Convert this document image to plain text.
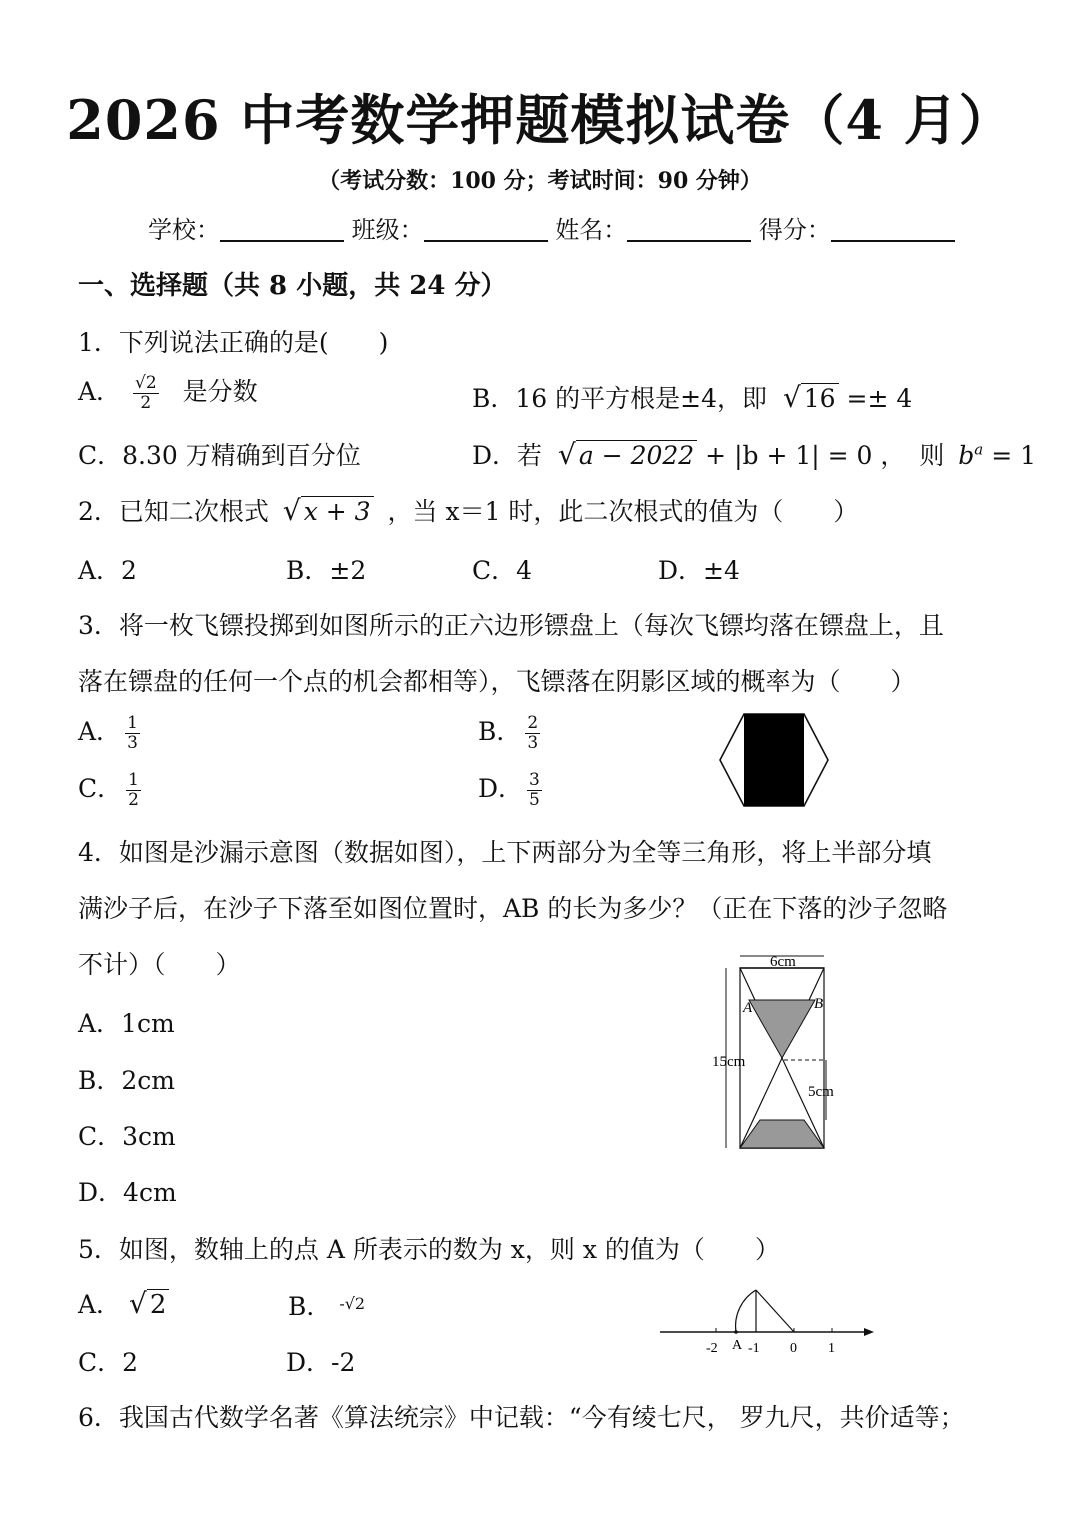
2026 中考数学押题模拟试卷（4 月）
（考试分数：100 分；考试时间：90 分钟）
学校：	班级：	姓名：	得分：
一、选择题（共 8 小题，共 24 分）
1．下列说法正确的是(　　)
A． $\frac{√2}{2}$ 是分数	B．16 的平方根是±4，即 √ 16 =± 4
C．8.30 万精确到百分位	D．若 √ a − 2022 + |b + 1| = 0 ， 则 $b^a = 1$
2．已知二次根式 √ x + 3 ，当 x＝1 时，此二次根式的值为（　　）
A．2	B．±2	C．4	D．±4
3．将一枚飞镖投掷到如图所示的正六边形镖盘上（每次飞镖均落在镖盘上，且
落在镖盘的任何一个点的机会都相等），飞镖落在阴影区域的概率为（　　）
A． $\frac{1}{3}$	B． $\frac{2}{3}$
C． $\frac{1}{2}$	D． $\frac{3}{5}$
4．如图是沙漏示意图（数据如图），上下两部分为全等三角形，将上半部分填
满沙子后，在沙子下落至如图位置时，AB 的长为多少？（正在下落的沙子忽略
不计）（　　）
A．1cm
B．2cm
C．3cm
D．4cm
6cm
15cm
5cm
A	B
5．如图，数轴上的点 A 所表示的数为 x，则 x 的值为（　　）
A． √ 2	B． $^{-√2}$
C．2	D．-2	-2 A -1 0 1
6．我国古代数学名著《算法统宗》中记载：“今有绫七尺， 罗九尺，共价适等；
